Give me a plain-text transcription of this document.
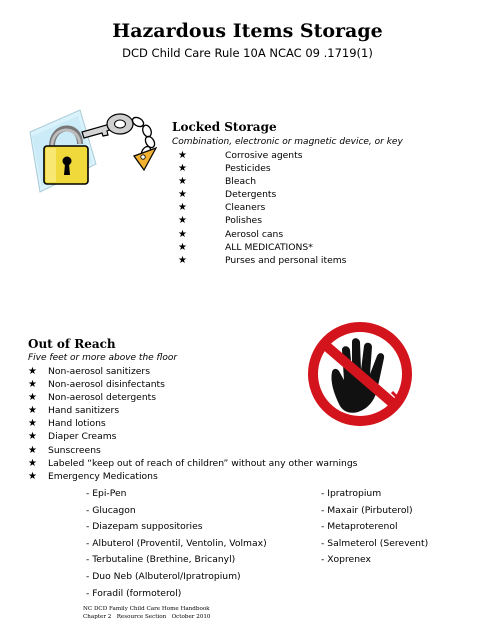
Hazardous Items Storage
DCD Child Care Rule 10A NCAC 09 .1719(1)
Locked Storage
Combination, electronic or magnetic device, or key
★	Corrosive agents
★	Pesticides
★	Bleach
★	Detergents
★	Cleaners
★	Polishes
★	Aerosol cans
★	ALL MEDICATIONS*
★	Purses and personal items
Out of Reach
Five feet or more above the floor
★ Non-aerosol sanitizers
★ Non-aerosol disinfectants
★ Non-aerosol detergents
★ Hand sanitizers
★ Hand lotions
★ Diaper Creams
★ Sunscreens
★ Labeled “keep out of reach of children” without any other warnings
★ Emergency Medications
- Epi-Pen
- Glucagon
- Diazepam suppositories
- Albuterol (Proventil, Ventolin, Volmax)
- Terbutaline (Brethine, Bricanyl)
- Duo Neb (Albuterol/Ipratropium)
- Foradil (formoterol)
- Ipratropium
- Maxair (Pirbuterol)
- Metaproterenol
- Salmeterol (Serevent)
- Xoprenex
NC DCD Family Child Care Home Handbook
Chapter 2   Resource Section   October 2010
